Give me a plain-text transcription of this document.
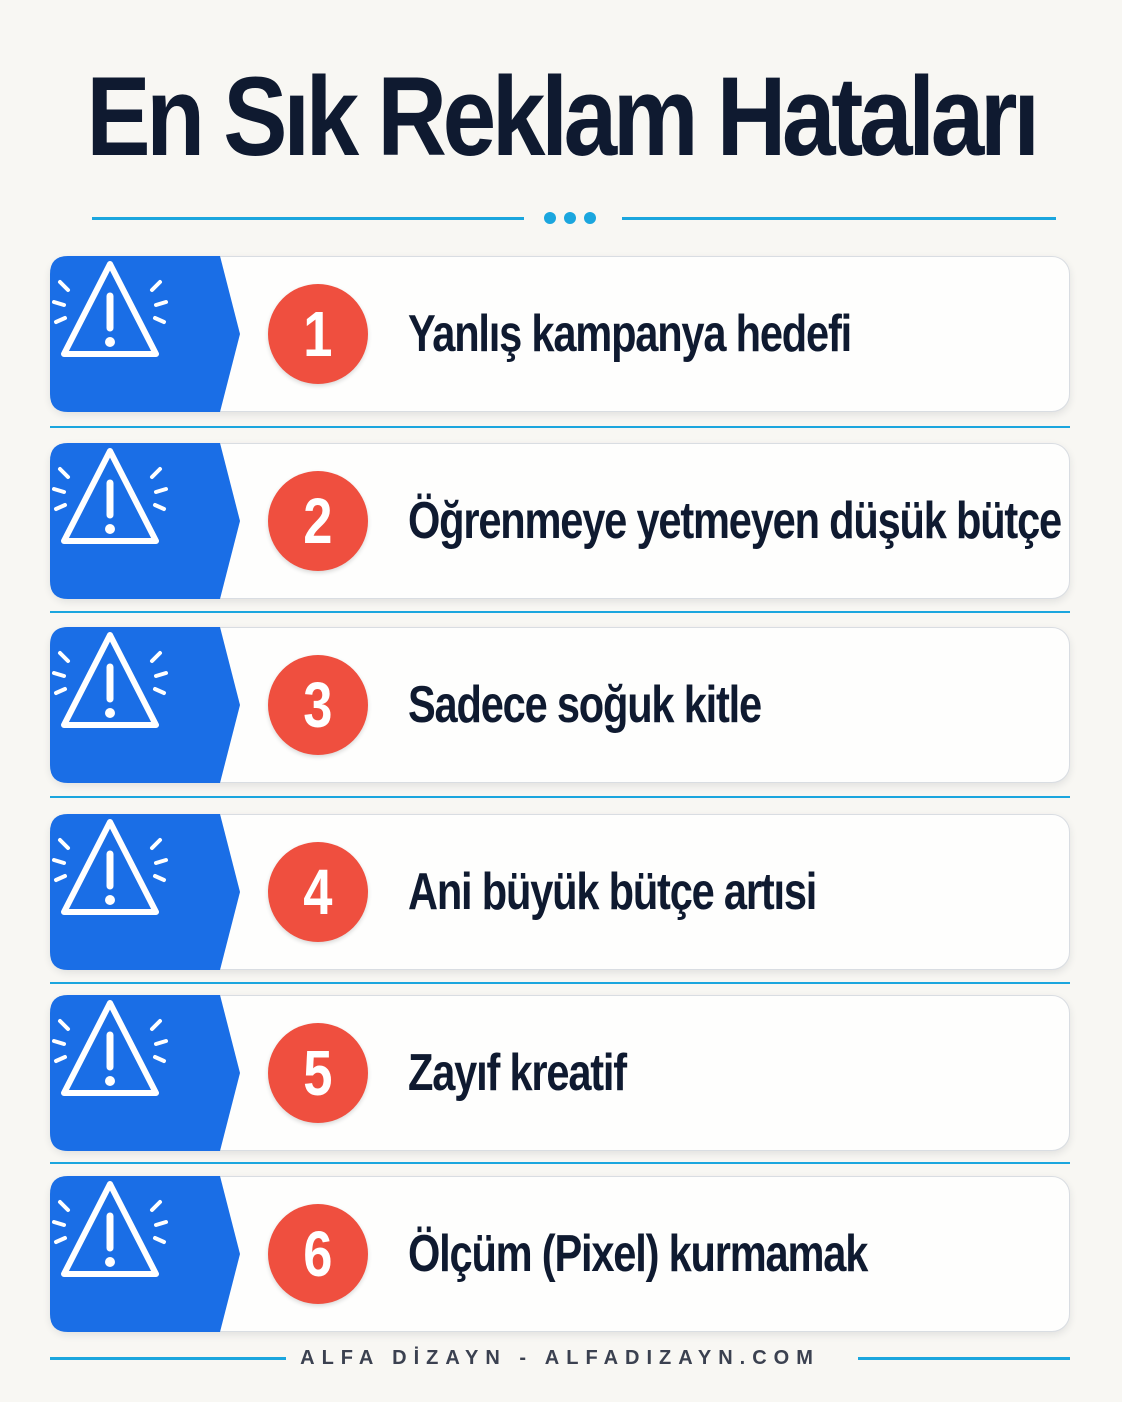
En Sık Reklam Hataları
1	Yanlış kampanya hedefi
2	Öğrenmeye yetmeyen düşük bütçe
3	Sadece soğuk kitle
4	Ani büyük bütçe artısi
5	Zayıf kreatif
6	Ölçüm (Pixel) kurmamak
ALFA DİZAYN - ALFADIZAYN.COM
